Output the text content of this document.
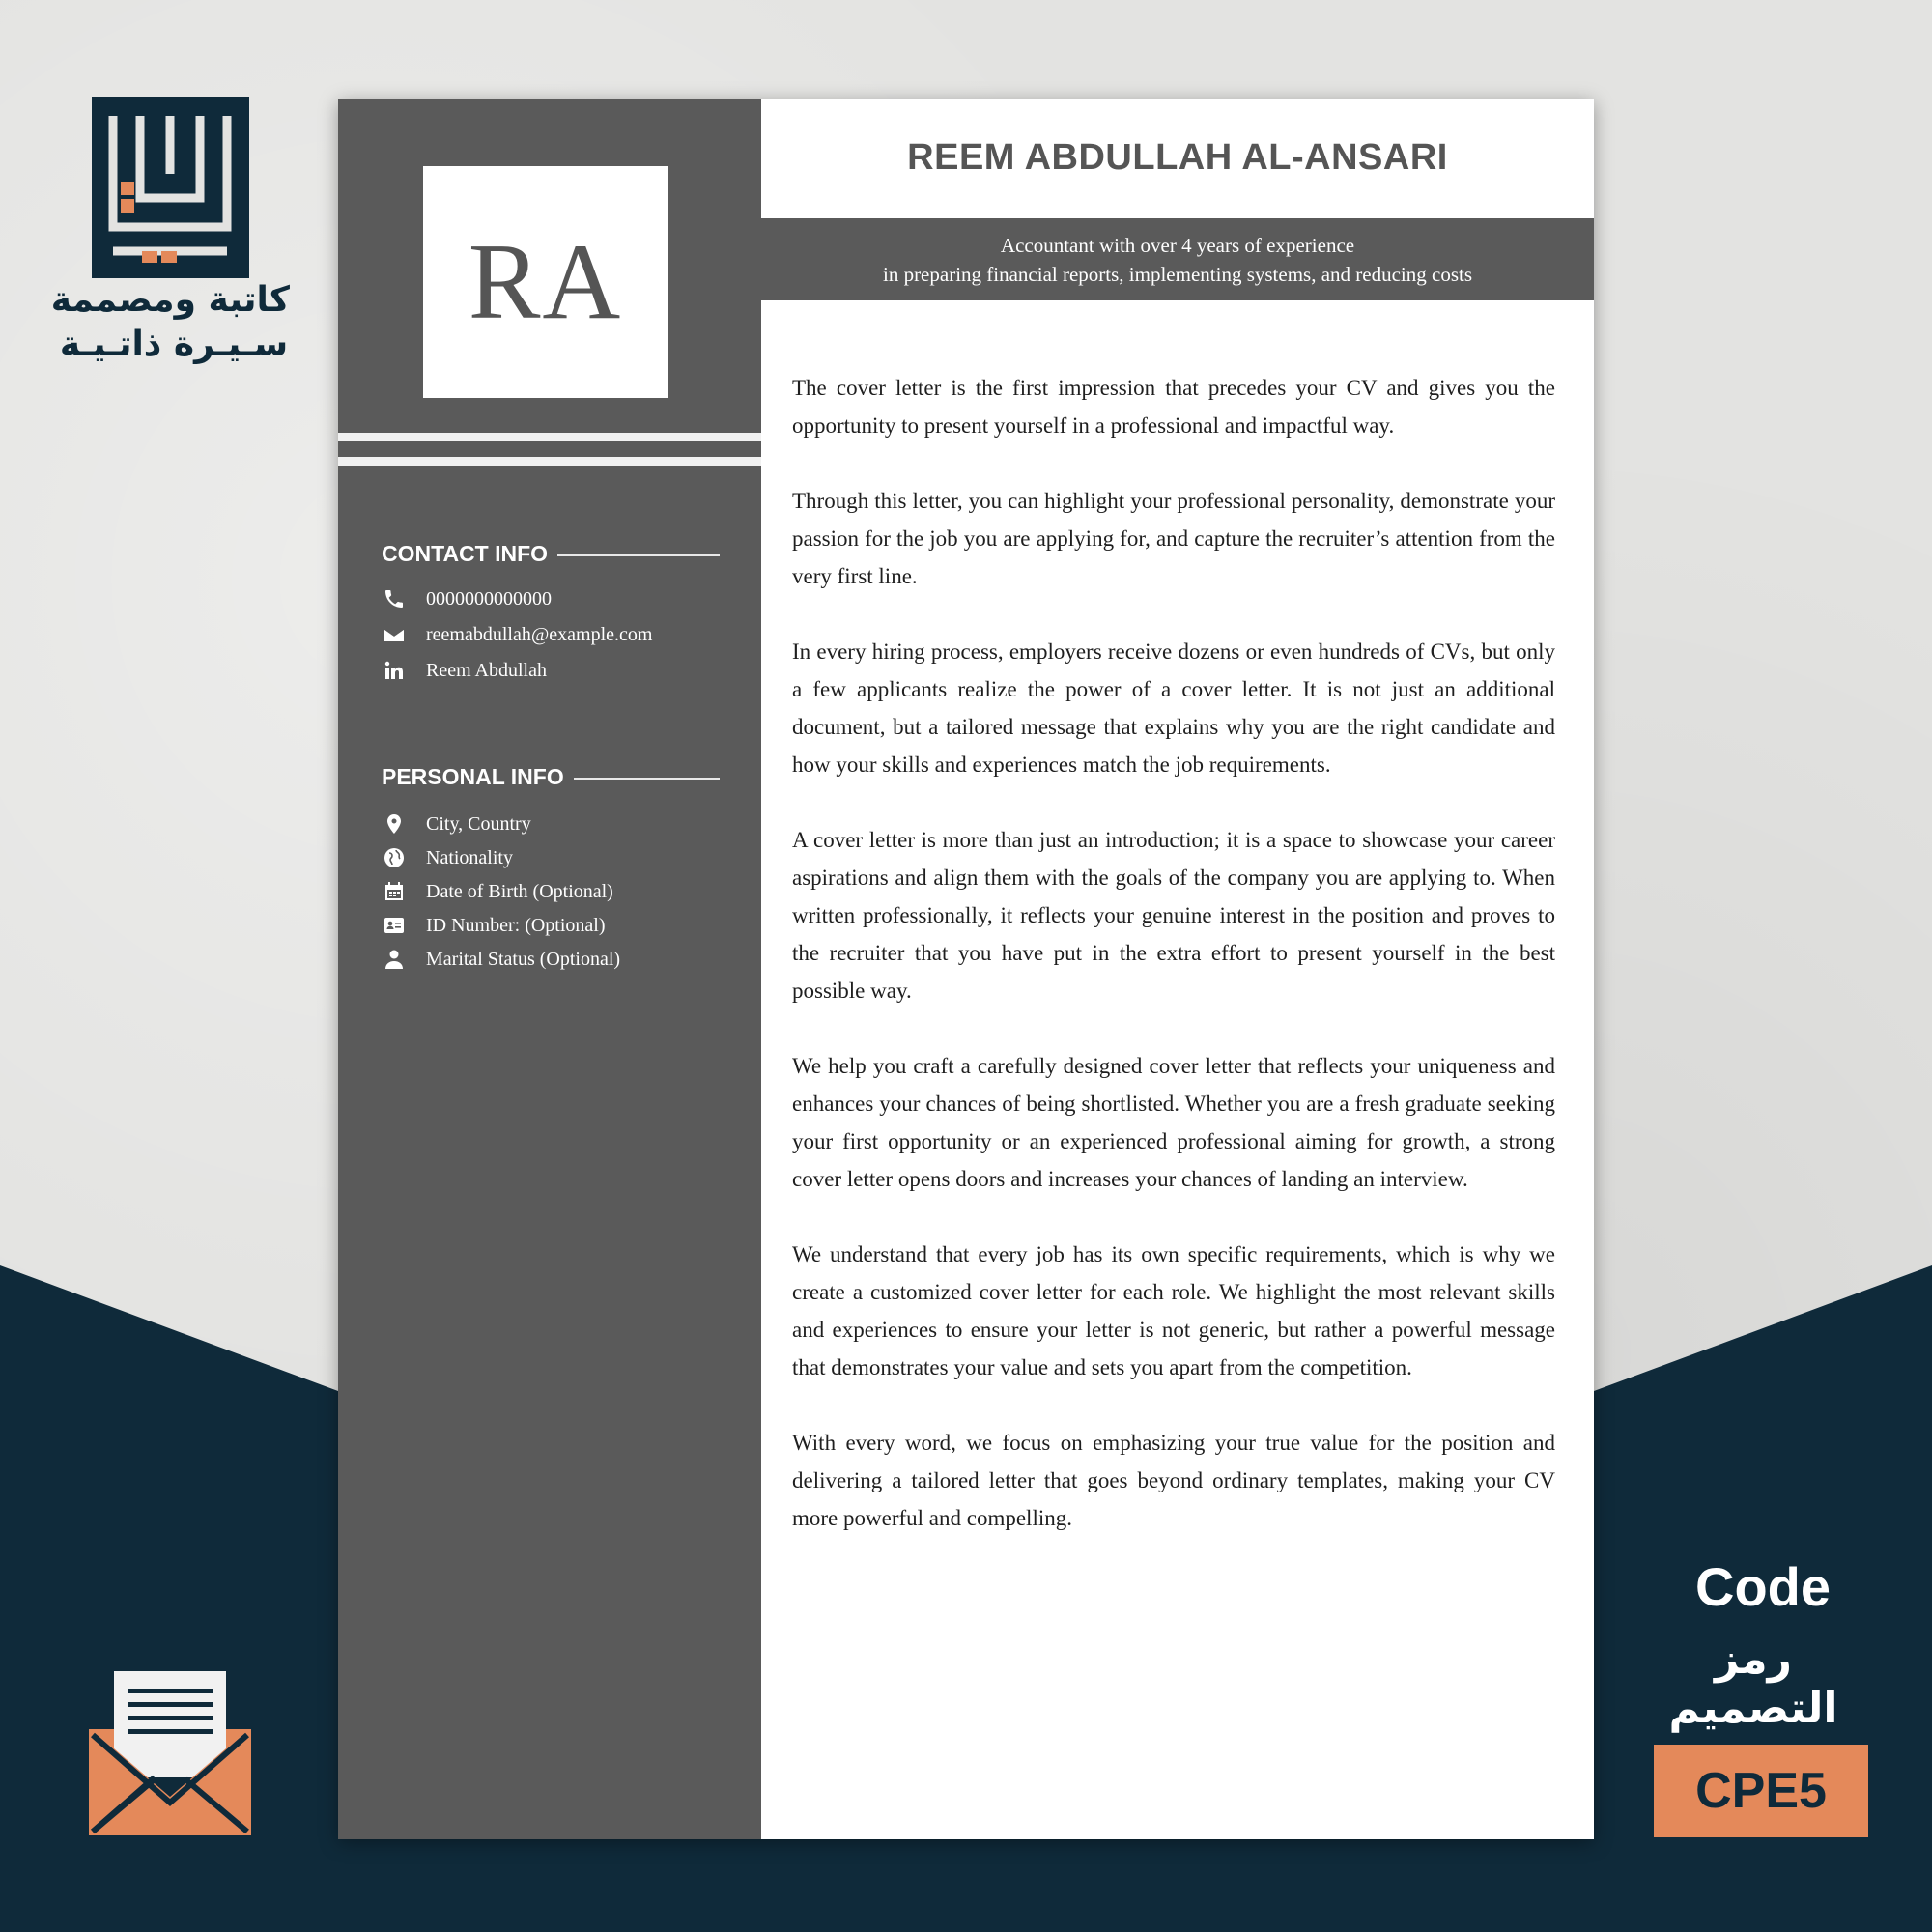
كاتبة ومصممة
سـيـرة ذاتـيـة
RA
CONTACT INFO
0000000000000
reemabdullah@example.com
Reem Abdullah
PERSONAL INFO
City, Country
Nationality
Date of Birth (Optional)
ID Number: (Optional)
Marital Status (Optional)
REEM ABDULLAH AL-ANSARI
Accountant with over 4 years of experience
in preparing financial reports, implementing systems, and reducing costs

The cover letter is the first impression that precedes your CV and gives you the opportunity to present yourself in a professional and impactful way.

Through this letter, you can highlight your professional personality, demonstrate your passion for the job you are applying for, and capture the recruiter’s attention from the very first line.

In every hiring process, employers receive dozens or even hundreds of CVs, but only a few applicants realize the power of a cover letter. It is not just an additional document, but a tailored message that explains why you are the right candidate and how your skills and experiences match the job requirements.

A cover letter is more than just an introduction; it is a space to showcase your career aspirations and align them with the goals of the company you are applying to. When written professionally, it reflects your genuine interest in the position and proves to the recruiter that you have put in the extra effort to present yourself in the best possible way.

We help you craft a carefully designed cover letter that reflects your uniqueness and enhances your chances of being shortlisted. Whether you are a fresh graduate seeking your first opportunity or an experienced professional aiming for growth, a strong cover letter opens doors and increases your chances of landing an interview.

We understand that every job has its own specific requirements, which is why we create a customized cover letter for each role. We highlight the most relevant skills and experiences to ensure your letter is not generic, but rather a powerful message that demonstrates your value and sets you apart from the competition.

With every word, we focus on emphasizing your true value for the position and delivering a tailored letter that goes beyond ordinary templates, making your CV more powerful and compelling.

Code
رمز التصميم
CPE5
